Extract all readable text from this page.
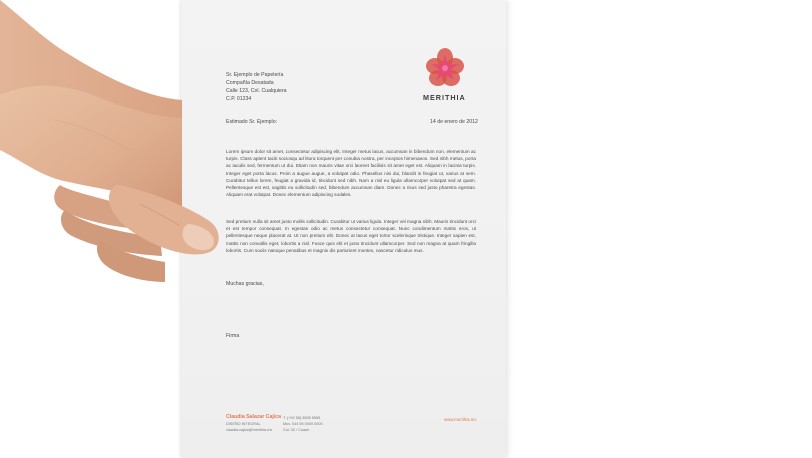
Sr. Ejemplo de Papelería
Compañía Desatada
Calle 123, Col. Cualquiera
C.P. 01234	MERITHIA
Estimado Sr. Ejemplo:	14 de enero de 2012
Lorem ipsum dolor sit amet, consectetur adipiscing elit. Integer metus lacus, accumsan in bibendum non, elementum ac turpis. Class aptent taciti sociosqu ad litora torquent per conubia nostra, per inceptos himenaeos. Sed nibh metus, porta ac iaculis sed, fermentum ut dui. Etiam non mauris vitae orci laoreet facilisis sit amet eget est. Aliquam in lacinia turpis. Integer eget porta lacus. Proin a augue augue, a volutpat odio. Phasellus nisi dui, blandit in feugiat ut, varius at sem. Curabitur tellus lorem, feugiat a gravida id, tincidunt sed nibh. Nam a nisl eu ligula ullamcorper volutpat sed at quam. Pellentesque est est, sagittis eu sollicitudin sed, bibendum accumsan diam. Donec a risus sed justo pharetra egestas. Aliquam erat volutpat. Donec elementum adipiscing sodales.
Sed pretium nulla sit amet justo mollis sollicitudin. Curabitur ut varius ligula. Integer vel magna nibh. Mauris tincidunt orci et est tempor consequat. In egestas odio ac metus consectetur consequat. Nunc condimentum mattis eros, ut pellentesque neque placerat at. Ut non pretium elit. Donec at lacus eget tortor scelerisque tristique. Integer sapien est, mattis non convallis eget, lobortis a nisl. Fusce quis elit et justo tincidunt ullamcorper. Sed non magna at quam fringilla lobortis. Cum sociis natoque penatibus et magnis dis parturient montes, nascetur ridiculus mus.
Muchas gracias,
Firma
Claudia Salazar Cajica
DISEÑO INTEGRAL
claudia.cajica@merithia.mx
T. (+52 55) 5555 5555
Mov. 044 55 0000 0000
Col. 00 / Cuauh
www.merithia.mx
